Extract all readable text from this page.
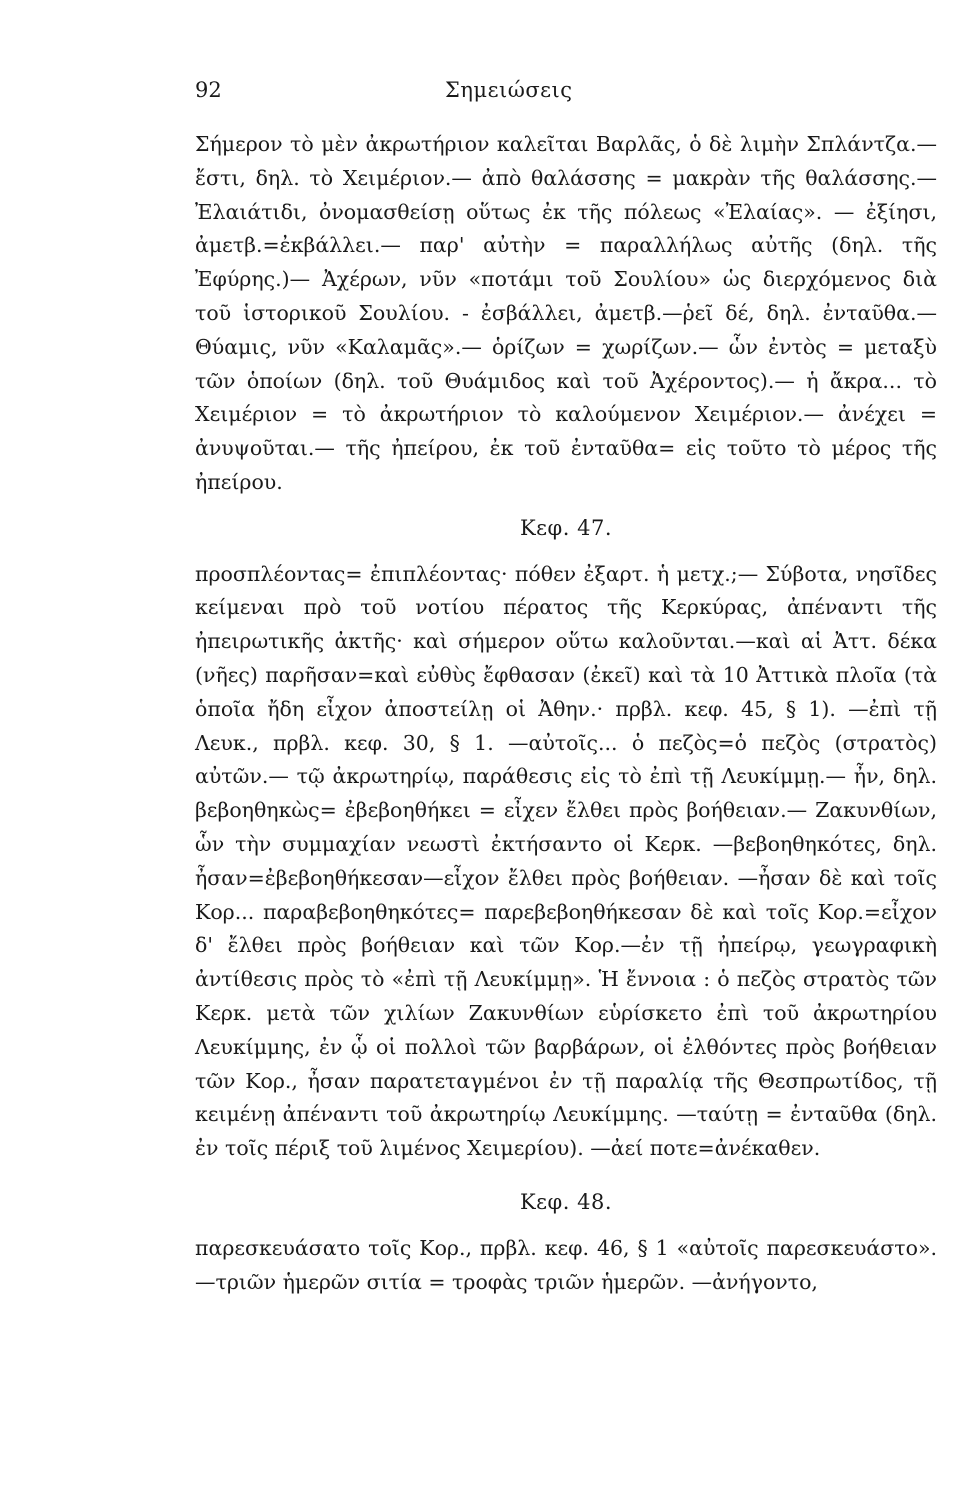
92	Σημειώσεις

Σήμερον τὸ μὲν ἀκρωτήριον καλεῖται Βαρλᾶς, ὁ δὲ λιμὴν Σπλάντζα.— ἔστι, δηλ. τὸ Χειμέριον.— ἀπὸ θαλάσσης = μακρὰν τῆς θαλάσσης.— Ἐλαιάτιδι, ὀνομασθείσῃ οὕτως ἐκ τῆς πόλεως «Ἐλαίας». — ἐξίησι, ἀμετβ.=ἐκβάλλει.— παρ' αὐτὴν = παραλλήλως αὐτῆς (δηλ. τῆς Ἐφύρης.)— Ἀχέρων, νῦν «ποτάμι τοῦ Σουλίου» ὡς διερχόμενος διὰ τοῦ ἱστορικοῦ Σουλίου. - ἐσβάλλει, ἀμετβ.—ῥεῖ δέ, δηλ. ἐνταῦθα.— Θύαμις, νῦν «Καλαμᾶς».— ὁρίζων = χωρίζων.— ὧν ἐντὸς = μεταξὺ τῶν ὁποίων (δηλ. τοῦ Θυάμιδος καὶ τοῦ Ἀχέροντος).— ἡ ἄκρα... τὸ Χειμέριον = τὸ ἀκρωτήριον τὸ καλούμενον Χειμέριον.— ἀνέχει = ἀνυψοῦται.— τῆς ἠπείρου, ἐκ τοῦ ἐνταῦθα= εἰς τοῦτο τὸ μέρος τῆς ἠπείρου.

Κεφ. 47.

προσπλέοντας= ἐπιπλέοντας· πόθεν ἐξαρτ. ἡ μετχ.;— Σύβοτα, νησῖδες κείμεναι πρὸ τοῦ νοτίου πέρατος τῆς Κερκύρας, ἀπέναντι τῆς ἠπειρωτικῆς ἀκτῆς· καὶ σήμερον οὕτω καλοῦνται.—καὶ αἱ Ἀττ. δέκα (νῆες) παρῆσαν=καὶ εὐθὺς ἔφθασαν (ἐκεῖ) καὶ τὰ 10 Ἀττικὰ πλοῖα (τὰ ὁποῖα ἤδη εἶχον ἀποστείλῃ οἱ Ἀθην.· πρβλ. κεφ. 45, § 1). —ἐπὶ τῇ Λευκ., πρβλ. κεφ. 30, § 1. —αὐτοῖς... ὁ πεζὸς=ὁ πεζὸς (στρατὸς) αὐτῶν.— τῷ ἀκρωτηρίῳ, παράθεσις εἰς τὸ ἐπὶ τῇ Λευκίμμῃ.— ἦν, δηλ. βεβοηθηκὼς= ἐβεβοηθήκει = εἶχεν ἔλθει πρὸς βοήθειαν.— Ζακυνθίων, ὧν τὴν συμμαχίαν νεωστὶ ἐκτήσαντο οἱ Κερκ. —βεβοηθηκότες, δηλ. ἦσαν=ἐβεβοηθήκεσαν—εἶχον ἔλθει πρὸς βοήθειαν. —ἦσαν δὲ καὶ τοῖς Κορ... παραβεβοηθηκότες= παρεβεβοηθήκεσαν δὲ καὶ τοῖς Κορ.=εἶχον δ' ἔλθει πρὸς βοήθειαν καὶ τῶν Κορ.—ἐν τῇ ἠπείρῳ, γεωγραφικὴ ἀντίθεσις πρὸς τὸ «ἐπὶ τῇ Λευκίμμῃ». Ἡ ἔννοια : ὁ πεζὸς στρατὸς τῶν Κερκ. μετὰ τῶν χιλίων Ζακυνθίων εὑρίσκετο ἐπὶ τοῦ ἀκρωτηρίου Λευκίμμης, ἐν ᾧ οἱ πολλοὶ τῶν βαρβάρων, οἱ ἐλθόντες πρὸς βοήθειαν τῶν Κορ., ἦσαν παρατεταγμένοι ἐν τῇ παραλίᾳ τῆς Θεσπρωτίδος, τῇ κειμένῃ ἀπέναντι τοῦ ἀκρωτηρίῳ Λευκίμμης. —ταύτῃ = ἐνταῦθα (δηλ. ἐν τοῖς πέριξ τοῦ λιμένος Χειμερίου). —ἀεί ποτε=ἀνέκαθεν.

Κεφ. 48.

παρεσκευάσατο τοῖς Κορ., πρβλ. κεφ. 46, § 1 «αὐτοῖς παρεσκευάστο».—τριῶν ἡμερῶν σιτία = τροφὰς τριῶν ἡμερῶν. —ἀνήγοντο,
